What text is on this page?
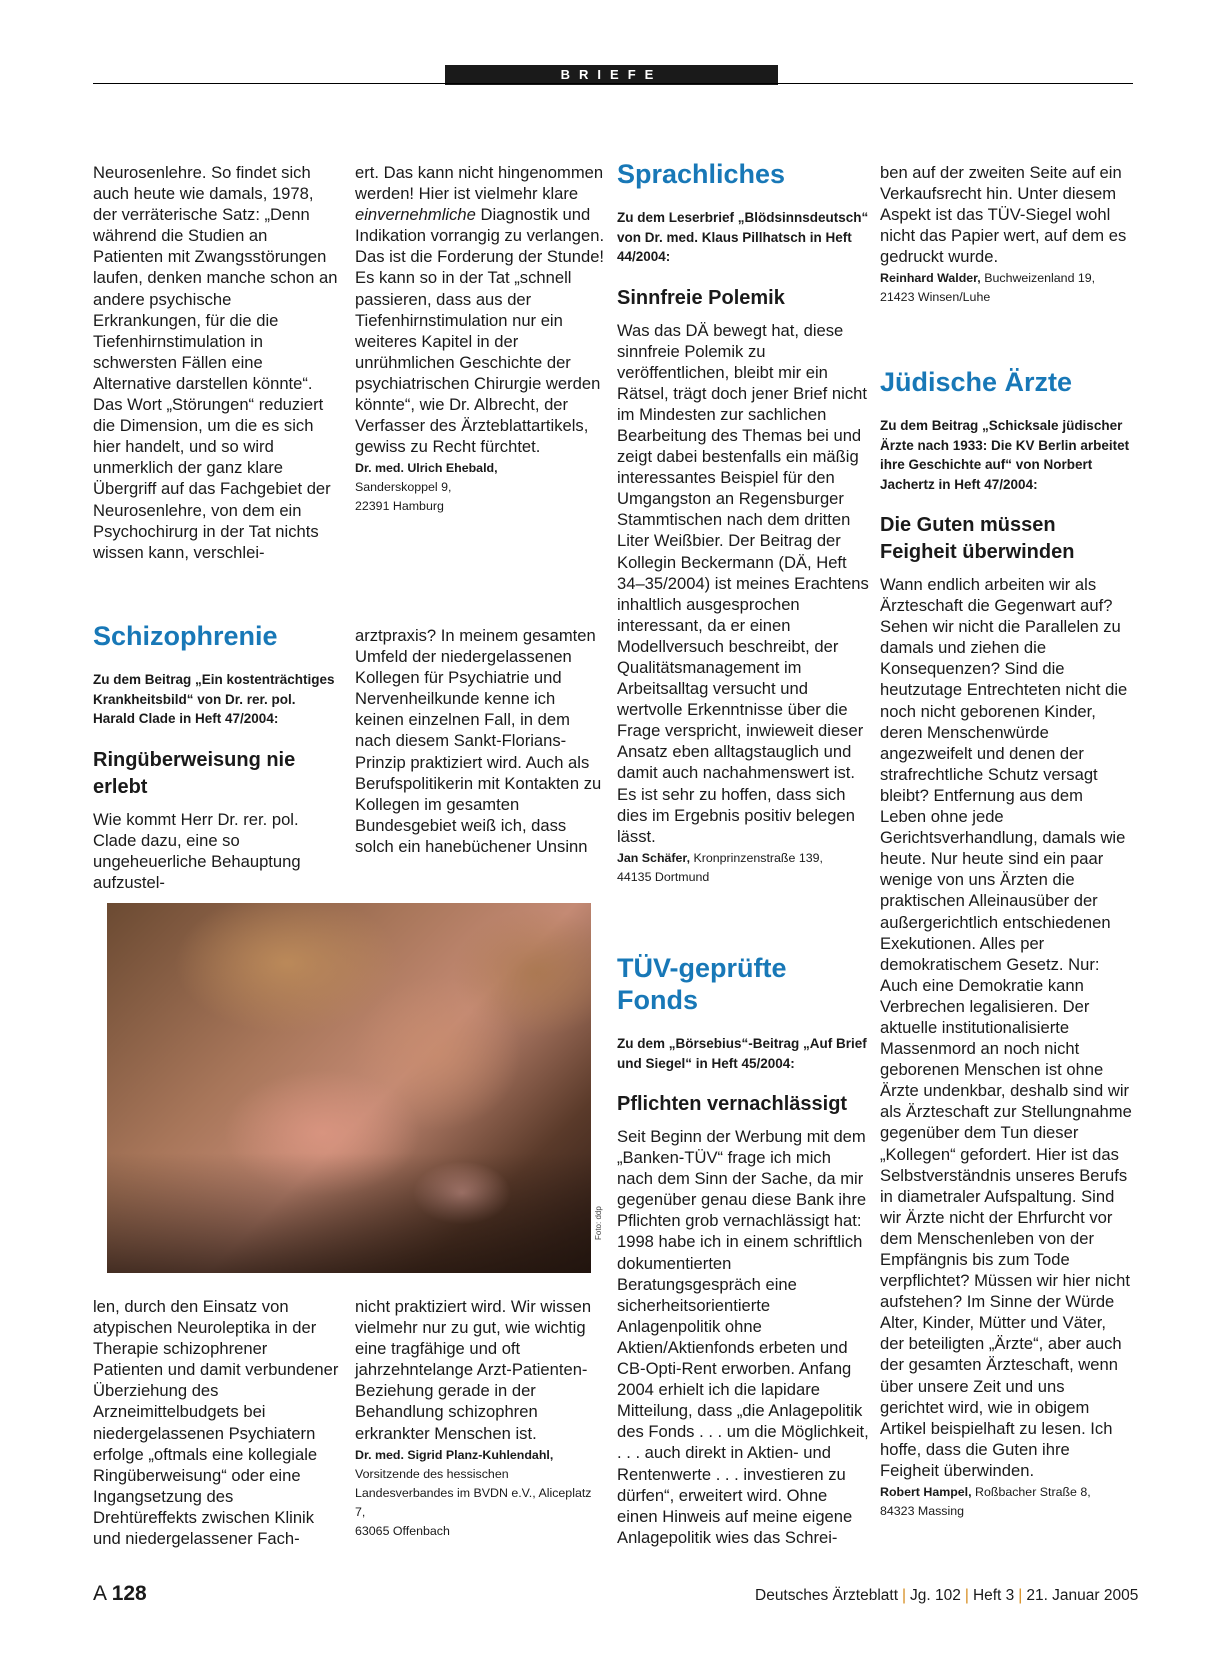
BRIEFE

Neurosenlehre. So findet sich auch heute wie damals, 1978, der verräterische Satz: „Denn während die Studien an Patienten mit Zwangsstörungen laufen, denken manche schon an andere psychische Erkrankungen, für die die Tiefenhirnstimulation in schwersten Fällen eine Alternative darstellen könnte“. Das Wort „Störungen“ reduziert die Dimension, um die es sich hier handelt, und so wird unmerklich der ganz klare Übergriff auf das Fachgebiet der Neurosenlehre, von dem ein Psychochirurg in der Tat nichts wissen kann, verschlei-

ert. Das kann nicht hingenommen werden! Hier ist vielmehr klare einvernehmliche Diagnostik und Indikation vorrangig zu verlangen. Das ist die Forderung der Stunde! Es kann so in der Tat „schnell passieren, dass aus der Tiefenhirnstimulation nur ein weiteres Kapitel in der unrühmlichen Geschichte der psychiatrischen Chirurgie werden könnte“, wie Dr. Albrecht, der Verfasser des Ärzteblattartikels, gewiss zu Recht fürchtet.

Dr. med. Ulrich Ehebald,
Sanderskoppel 9,
22391 Hamburg

Schizophrenie

Zu dem Beitrag „Ein kostenträchtiges Krankheitsbild“ von Dr. rer. pol. Harald Clade in Heft 47/2004:

Ringüberweisung nie erlebt

Wie kommt Herr Dr. rer. pol. Clade dazu, eine so ungeheuerliche Behauptung aufzustel-

arztpraxis? In meinem gesamten Umfeld der niedergelassenen Kollegen für Psychiatrie und Nervenheilkunde kenne ich keinen einzelnen Fall, in dem nach diesem Sankt-Florians-Prinzip praktiziert wird. Auch als Berufspolitikerin mit Kontakten zu Kollegen im gesamten Bundesgebiet weiß ich, dass solch ein hanebüchener Unsinn

Foto: ddp

len, durch den Einsatz von atypischen Neuroleptika in der Therapie schizophrener Patienten und damit verbundener Überziehung des Arzneimittelbudgets bei niedergelassenen Psychiatern erfolge „oftmals eine kollegiale Ringüberweisung“ oder eine Ingangsetzung des Drehtüreffekts zwischen Klinik und niedergelassener Fach-

nicht praktiziert wird. Wir wissen vielmehr nur zu gut, wie wichtig eine tragfähige und oft jahrzehntelange Arzt-Patienten-Beziehung gerade in der Behandlung schizophren erkrankter Menschen ist.

Dr. med. Sigrid Planz-Kuhlendahl,
Vorsitzende des hessischen Landesverbandes im BVDN e.V., Aliceplatz 7,
63065 Offenbach

Sprachliches

Zu dem Leserbrief „Blödsinnsdeutsch“ von Dr. med. Klaus Pillhatsch in Heft 44/2004:

Sinnfreie Polemik

Was das DÄ bewegt hat, diese sinnfreie Polemik zu veröffentlichen, bleibt mir ein Rätsel, trägt doch jener Brief nicht im Mindesten zur sachlichen Bearbeitung des Themas bei und zeigt dabei bestenfalls ein mäßig interessantes Beispiel für den Umgangston an Regensburger Stammtischen nach dem dritten Liter Weißbier. Der Beitrag der Kollegin Beckermann (DÄ, Heft 34–35/2004) ist meines Erachtens inhaltlich ausgesprochen interessant, da er einen Modellversuch beschreibt, der Qualitätsmanagement im Arbeitsalltag versucht und wertvolle Erkenntnisse über die Frage verspricht, inwieweit dieser Ansatz eben alltagstauglich und damit auch nachahmenswert ist. Es ist sehr zu hoffen, dass sich dies im Ergebnis positiv belegen lässt.

Jan Schäfer, Kronprinzenstraße 139,
44135 Dortmund

TÜV-geprüfte Fonds

Zu dem „Börsebius“-Beitrag „Auf Brief und Siegel“ in Heft 45/2004:

Pflichten vernachlässigt

Seit Beginn der Werbung mit dem „Banken-TÜV“ frage ich mich nach dem Sinn der Sache, da mir gegenüber genau diese Bank ihre Pflichten grob vernachlässigt hat: 1998 habe ich in einem schriftlich dokumentierten Beratungsgespräch eine sicherheitsorientierte Anlagenpolitik ohne Aktien/Aktienfonds erbeten und CB-Opti-Rent erworben. Anfang 2004 erhielt ich die lapidare Mitteilung, dass „die Anlagepolitik des Fonds . . . um die Möglichkeit, . . . auch direkt in Aktien- und Rentenwerte . . . investieren zu dürfen“, erweitert wird. Ohne einen Hinweis auf meine eigene Anlagepolitik wies das Schrei-

ben auf der zweiten Seite auf ein Verkaufsrecht hin. Unter diesem Aspekt ist das TÜV-Siegel wohl nicht das Papier wert, auf dem es gedruckt wurde.

Reinhard Walder, Buchweizenland 19,
21423 Winsen/Luhe

Jüdische Ärzte

Zu dem Beitrag „Schicksale jüdischer Ärzte nach 1933: Die KV Berlin arbeitet ihre Geschichte auf“ von Norbert Jachertz in Heft 47/2004:

Die Guten müssen Feigheit überwinden

Wann endlich arbeiten wir als Ärzteschaft die Gegenwart auf? Sehen wir nicht die Parallelen zu damals und ziehen die Konsequenzen? Sind die heutzutage Entrechteten nicht die noch nicht geborenen Kinder, deren Menschenwürde angezweifelt und denen der strafrechtliche Schutz versagt bleibt? Entfernung aus dem Leben ohne jede Gerichtsverhandlung, damals wie heute. Nur heute sind ein paar wenige von uns Ärzten die praktischen Alleinausüber der außergerichtlich entschiedenen Exekutionen. Alles per demokratischem Gesetz. Nur: Auch eine Demokratie kann Verbrechen legalisieren. Der aktuelle institutionalisierte Massenmord an noch nicht geborenen Menschen ist ohne Ärzte undenkbar, deshalb sind wir als Ärzteschaft zur Stellungnahme gegenüber dem Tun dieser „Kollegen“ gefordert. Hier ist das Selbstverständnis unseres Berufs in diametraler Aufspaltung. Sind wir Ärzte nicht der Ehrfurcht vor dem Menschenleben von der Empfängnis bis zum Tode verpflichtet? Müssen wir hier nicht aufstehen? Im Sinne der Würde Alter, Kinder, Mütter und Väter, der beteiligten „Ärzte“, aber auch der gesamten Ärzteschaft, wenn über unsere Zeit und uns gerichtet wird, wie in obigem Artikel beispielhaft zu lesen. Ich hoffe, dass die Guten ihre Feigheit überwinden.

Robert Hampel, Roßbacher Straße 8,
84323 Massing

A 128	Deutsches Ärzteblatt | Jg. 102 | Heft 3 | 21. Januar 2005
